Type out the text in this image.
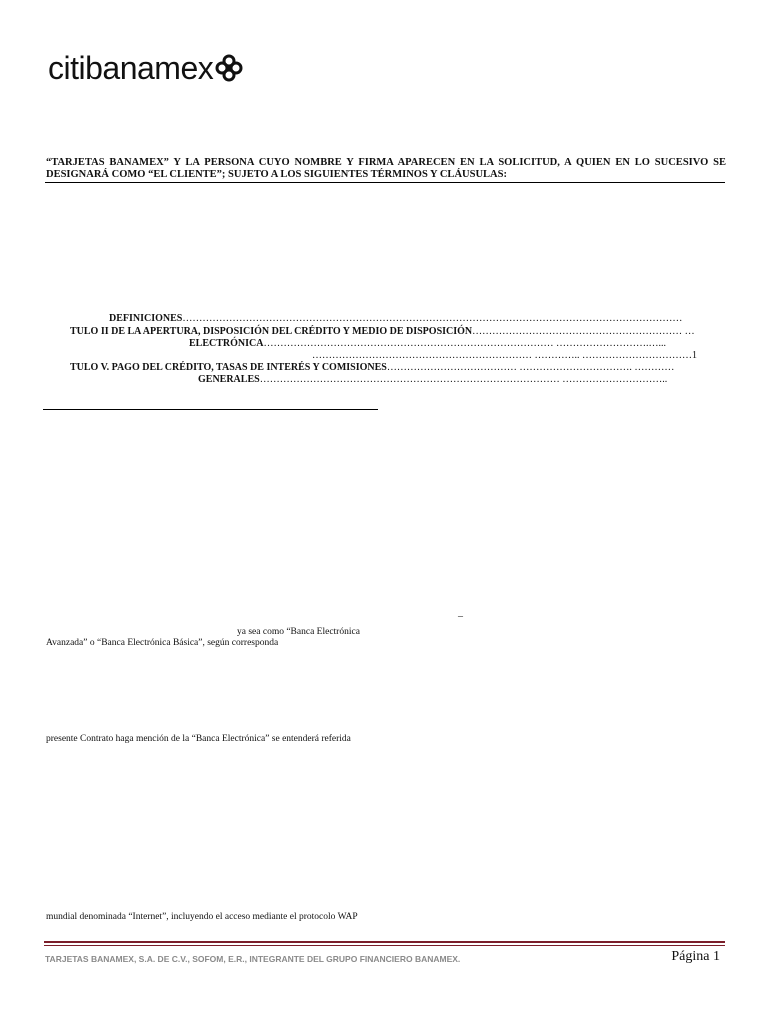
citibanamex
“TARJETAS BANAMEX” Y LA PERSONA CUYO NOMBRE Y FIRMA APARECEN EN LA SOLICITUD, A QUIEN EN LO SUCESIVO SE DESIGNARÁ COMO “EL CLIENTE”; SUJETO A LOS SIGUIENTES TÉRMINOS Y CLÁUSULAS:
DEFINICIONES……………………………………………………………………………………………………………………………………
TULO II DE LA APERTURA, DISPOSICIÓN DEL CRÉDITO Y MEDIO DE DISPOSICIÓN……………………………………………………… …
ELECTRÓNICA…………………………………………………………………………… ……………………….…...
………………………………………………………… ………….. ……………………………1
TULO V. PAGO DEL CRÉDITO, TASAS DE INTERÉS Y COMISIONES………………………………… ……………………………. …………
GENERALES……………………………………………………………………………… …………………………..
–
ya sea como “Banca Electrónica
Avanzada” o “Banca Electrónica Básica”, según corresponda
presente Contrato haga mención de la “Banca Electrónica” se entenderá referida
mundial denominada “Internet”, incluyendo el acceso mediante el protocolo WAP
TARJETAS BANAMEX, S.A. DE C.V., SOFOM, E.R., INTEGRANTE DEL GRUPO FINANCIERO BANAMEX.	Página 1
